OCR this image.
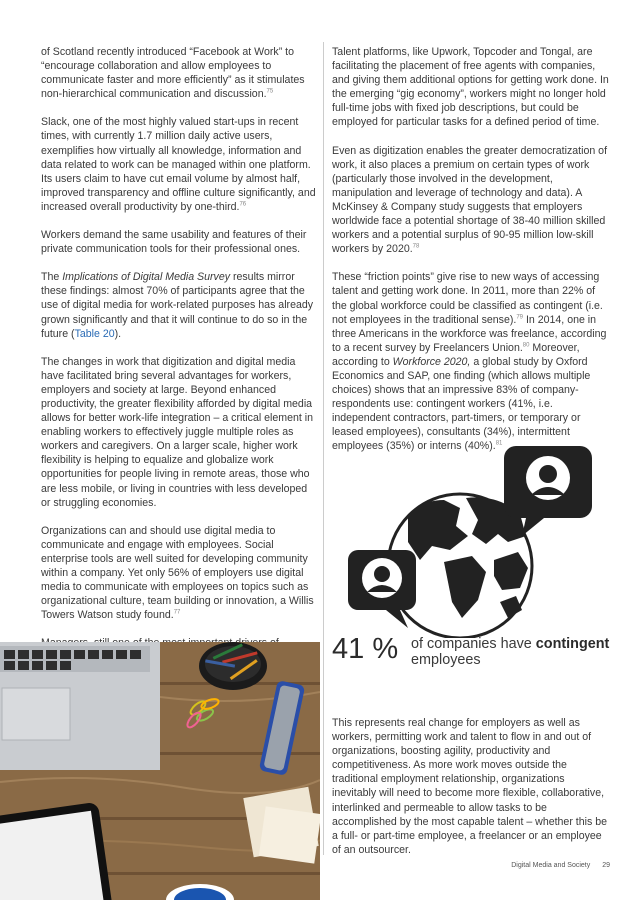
of Scotland recently introduced “Facebook at Work” to “encourage collaboration and allow employees to communicate faster and more efficiently” as it stimulates non-hierarchical communication and discussion.$^{75}$

Slack, one of the most highly valued start-ups in recent times, with currently 1.7 million daily active users, exemplifies how virtually all knowledge, information and data related to work can be managed within one platform. Its users claim to have cut email volume by almost half, improved transparency and offline culture significantly, and increased overall productivity by one-third.$^{76}$

Workers demand the same usability and features of their private communication tools for their professional ones.

The Implications of Digital Media Survey results mirror these findings: almost 70% of participants agree that the use of digital media for work-related purposes has already grown significantly and that it will continue to do so in the future (Table 20).

The changes in work that digitization and digital media have facilitated bring several advantages for workers, employers and society at large. Beyond enhanced productivity, the greater flexibility afforded by digital media allows for better work-life integration – a critical element in enabling workers to effectively juggle multiple roles as workers and caregivers. On a larger scale, higher work flexibility is helping to equalize and globalize work opportunities for people living in remote areas, those who are less mobile, or living in countries with less developed or struggling economies.

Organizations can and should use digital media to communicate and engage with employees. Social enterprise tools are well suited for developing community within a company. Yet only 56% of employers use digital media to communicate with employees on topics such as organizational culture, team building or innovation, a Willis Towers Watson study found.$^{77}$

Talent platforms, like Upwork, Topcoder and Tongal, are facilitating the placement of free agents with companies, and giving them additional options for getting work done. In the emerging “gig economy”, workers might no longer hold full-time jobs with fixed job descriptions, but could be employed for particular tasks for a defined period of time.

Even as digitization enables the greater democratization of work, it also places a premium on certain types of work (particularly those involved in the development, manipulation and leverage of technology and data). A McKinsey & Company study suggests that employers worldwide face a potential shortage of 38-40 million skilled workers and a potential surplus of 90-95 million low-skill workers by 2020.78

These “friction points” give rise to new ways of accessing talent and getting work done. In 2011, more than 22% of the global workforce could be classified as contingent (i.e. not employees in the traditional sense).$^{79}$ In 2014, one in three Americans in the workforce was freelance, according to a recent survey by Freelancers Union.$^{80}$ Moreover, according to Workforce 2020, a global study by Oxford Economics and SAP, one finding (which allows multiple choices) shows that an impressive 83% of company-respondents use: contingent workers (41%, i.e. independent contractors, part-timers, or temporary or leased employees), consultants (34%), intermittent employees (35%) or interns (40%).$^{81}$

41 % of companies have contingent employees

This represents real change for employers as well as workers, permitting work and talent to flow in and out of organizations, boosting agility, productivity and competitiveness. As more work moves outside the traditional employment relationship, organizations inevitably will need to become more flexible, collaborative, interlinked and permeable to allow tasks to be accomplished by the most capable talent – whether this be a full- or part-time employee, a freelancer or an employee of an outsourcer.

Digital Media and Society 29
